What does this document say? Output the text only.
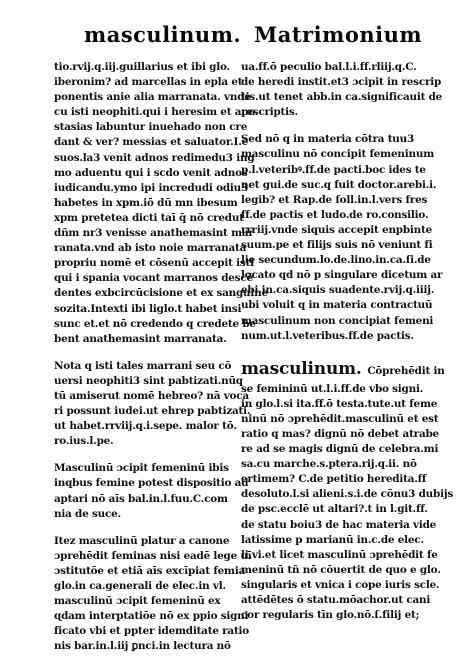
masculinum. Matrimonium
tio.rvij.q.iij.guillarius et ibi glo.
iberonim? ad marcellas in epla et
ponentis anie alia marranata. vnde
cu isti neophiti.qui i heresim et apo
stasias labuntur inuehado non cre
dant & ver? messias et saluator.I.e
suos.la3 venit adnos redimedu3 ing
mo aduentu qui i scdo venit adnos
iudicandu.ymo ipi incredudi odiu3
habetes in xpm.iō dū mn ibesum
xpm pretetea dicti taī q̄ nō credut
dñm nr3 venisse anathemasint mar
ranata.vnd ab isto noie marranata
propriu nomē et cōsenū accepit isti
qui i spania vocant marranos descē
dentes exbcircūcisione et ex sanguine
sozita.Intexti ibi liglo.t habet insi
sunc et.et nō credendo q credete be
bent anathemasint marranata.
Nota q isti tales marrani seu cō
uersi neophiti3 sint pabtizati.nūq
tū amiserut nomē hebreo? nā voca
ri possunt iudei.ut ehrep pabtizati.
ut habet.rrviij.q.i.sepe. malor tō.
ro.ius.l.pe.
Masculinū ɔcipit femeninū ibis
inqbus femine potest dispositio ad
aptari nō aīs bal.in.l.fuu.C.com
nia de suce.
Itez masculinū platur a canone
ɔprehēdit feminas nisi eadē lege uī
ɔstitutōe et etiā aīs excīpiat femia
glo.in ca.generali de elec.in vl.
masculinū ɔcipit femeninū ex
ɋdam interptatiōe nō ex ppio signi
ficato vbi et ppter idemditate ratio
nis bar.in.l.iij ꝑnci.in lectura nō
ua.ff.ō peculio bal.l.i.ff.rliij.q.C.
de heredi instit.et3 ɔcipit in rescrip
tis.ut tenet abb.in ca.significauit de
rescriptis.
Sed nō q in materia cōtra tuu3
masculinu nō concipit femeninum
p.l.veteribꝰ.ff.de pacti.boc ides te
net gui.de suc.q fuit doctor.arebi.i.
legib? et Rap.de foll.in.l.vers fres
ff.de pactis et ludo.de ro.consilio.
rrriij.vnde siquis accepit enpbinte
suum.pe et filijs suis nō veniunt fi
lie secundum.lo.de.lino.in.ca.ſi.de
locato qd nō p singulare dicetum ar
ebi.in.ca.siquis suadente.rvij.q.iiij.
ubi voluit q in materia contractuū
masculinum non concipiat femeni
num.ut.l.veteribus.ff.de pactis.
masculinum. Cōprehēdit in
se femininū ut.l.i.ff.de vbo signi.
in glo.l.si ita.ff.ō testa.tute.ut feme
ninū nō ɔprehēdit.masculinū et est
ratio q mas? dignū nō debet atrabe
re ad se magis dignū de celebra.mi
sa.cu marche.s.ptera.rij.q.ii. nō
ertimem? C.de petitio heredita.ff
desoluto.l.si alieni.s.i.de cōnu3 dubijs
de psc.ecclē ut altari?.t in l.git.ff.
de statu boiu3 de hac materia vide
latissime p marianū in.c.de elec.
li.vi.et licet masculinū ɔprehēdit fe
meninū tñ nō cōuertit de quo e glo.
singularis et vnica i cope iuris scle.
attēdētes ō statu.mōachor.ut cani
cor regularis tīn glo.nō.ſ.filij et;
